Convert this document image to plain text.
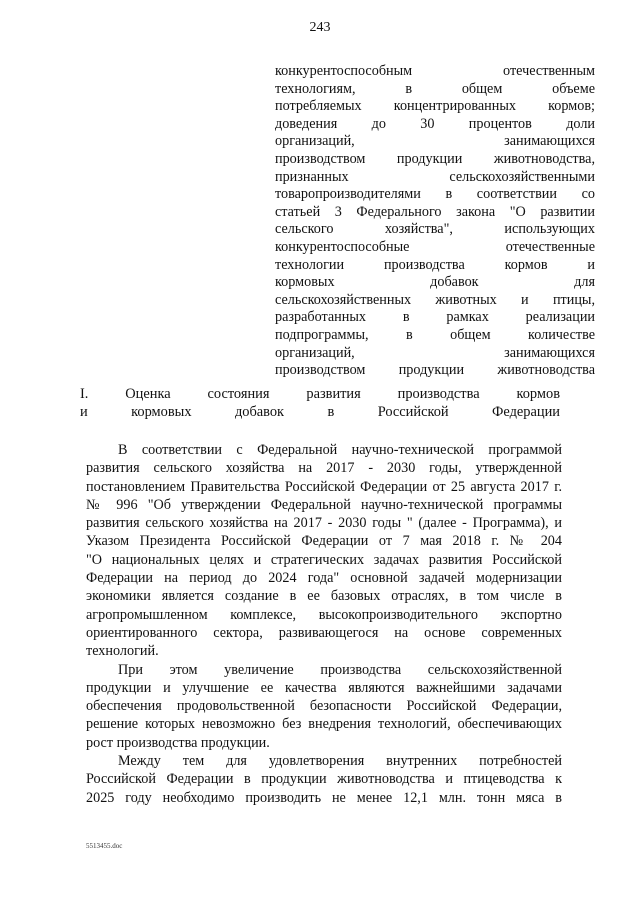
243
конкурентоспособным отечественным
технологиям, в общем объеме
потребляемых концентрированных кормов;
доведения до 30 процентов доли
организаций, занимающихся
производством продукции животноводства,
признанных сельскохозяйственными
товаропроизводителями в соответствии со
статьей 3 Федерального закона "О развитии
сельского хозяйства", использующих
конкурентоспособные отечественные
технологии производства кормов и
кормовых добавок для
сельскохозяйственных животных и птицы,
разработанных в рамках реализации
подпрограммы, в общем количестве
организаций, занимающихся
производством продукции животноводства
I. Оценка состояния развития производства кормов
и кормовых добавок в Российской Федерации

В соответствии с Федеральной научно-технической программой
развития сельского хозяйства на 2017 - 2030 годы, утвержденной
постановлением Правительства Российской Федерации от 25 августа 2017 г.
№ 996 "Об утверждении Федеральной научно-технической программы
развития сельского хозяйства на 2017 - 2030 годы " (далее - Программа), и
Указом Президента Российской Федерации от 7 мая 2018 г. № 204
"О национальных целях и стратегических задачах развития Российской
Федерации на период до 2024 года" основной задачей модернизации
экономики является создание в ее базовых отраслях, в том числе в
агропромышленном комплексе, высокопроизводительного экспортно
ориентированного сектора, развивающегося на основе современных
технологий.

При этом увеличение производства сельскохозяйственной
продукции и улучшение ее качества являются важнейшими задачами
обеспечения продовольственной безопасности Российской Федерации,
решение которых невозможно без внедрения технологий, обеспечивающих
рост производства продукции.

Между тем для удовлетворения внутренних потребностей
Российской Федерации в продукции животноводства и птицеводства к
2025 году необходимо производить не менее 12,1 млн. тонн мяса в

5513455.doc
